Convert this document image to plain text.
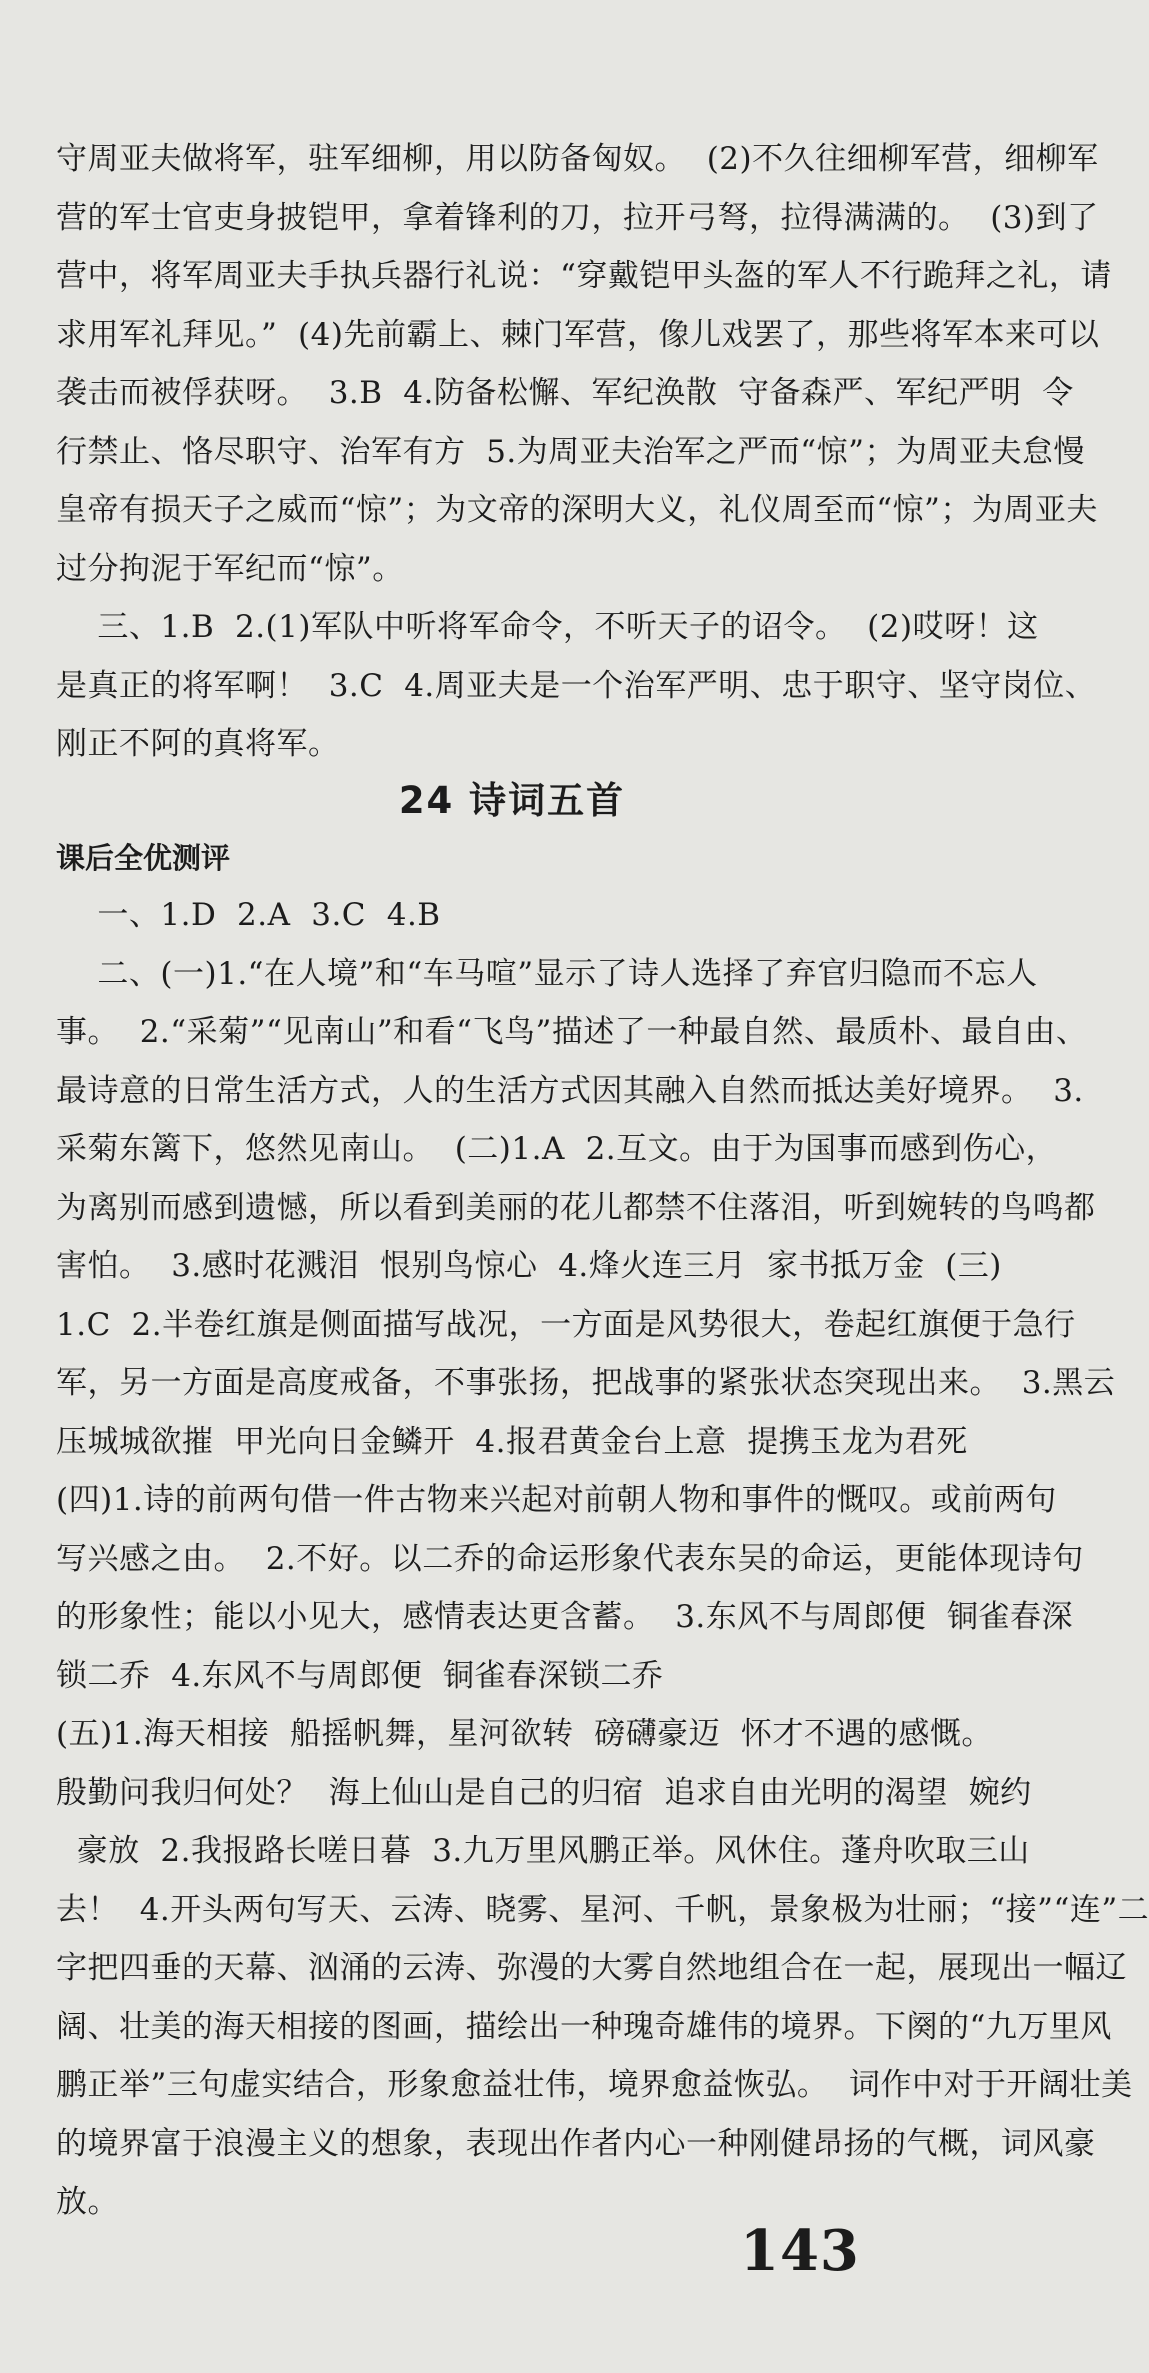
守周亚夫做将军，驻军细柳，用以防备匈奴。  (2)不久往细柳军营，细柳军
营的军士官吏身披铠甲，拿着锋利的刀，拉开弓弩，拉得满满的。  (3)到了
营中，将军周亚夫手执兵器行礼说：“穿戴铠甲头盔的军人不行跪拜之礼，请
求用军礼拜见。”  (4)先前霸上、棘门军营，像儿戏罢了，那些将军本来可以
袭击而被俘获呀。  3.B  4.防备松懈、军纪涣散  守备森严、军纪严明  令
行禁止、恪尽职守、治军有方  5.为周亚夫治军之严而“惊”；为周亚夫怠慢
皇帝有损天子之威而“惊”；为文帝的深明大义，礼仪周至而“惊”；为周亚夫
过分拘泥于军纪而“惊”。
三、1.B  2.(1)军队中听将军命令，不听天子的诏令。  (2)哎呀！这
是真正的将军啊！  3.C  4.周亚夫是一个治军严明、忠于职守、坚守岗位、
刚正不阿的真将军。
24 诗词五首
课后全优测评
一、1.D  2.A  3.C  4.B
二、(一)1.“在人境”和“车马喧”显示了诗人选择了弃官归隐而不忘人
事。  2.“采菊”“见南山”和看“飞鸟”描述了一种最自然、最质朴、最自由、
最诗意的日常生活方式，人的生活方式因其融入自然而抵达美好境界。  3.
采菊东篱下，悠然见南山。  (二)1.A  2.互文。由于为国事而感到伤心，
为离别而感到遗憾，所以看到美丽的花儿都禁不住落泪，听到婉转的鸟鸣都
害怕。  3.感时花溅泪  恨别鸟惊心  4.烽火连三月  家书抵万金  (三)
1.C  2.半卷红旗是侧面描写战况，一方面是风势很大，卷起红旗便于急行
军，另一方面是高度戒备，不事张扬，把战事的紧张状态突现出来。  3.黑云
压城城欲摧  甲光向日金鳞开  4.报君黄金台上意  提携玉龙为君死
(四)1.诗的前两句借一件古物来兴起对前朝人物和事件的慨叹。或前两句
写兴感之由。  2.不好。以二乔的命运形象代表东吴的命运，更能体现诗句
的形象性；能以小见大，感情表达更含蓄。  3.东风不与周郎便  铜雀春深
锁二乔  4.东风不与周郎便  铜雀春深锁二乔
(五)1.海天相接  船摇帆舞，星河欲转  磅礴豪迈  怀才不遇的感慨。
殷勤问我归何处？  海上仙山是自己的归宿  追求自由光明的渴望  婉约
豪放  2.我报路长嗟日暮  3.九万里风鹏正举。风休住。蓬舟吹取三山
去！  4.开头两句写天、云涛、晓雾、星河、千帆，景象极为壮丽；“接”“连”二
字把四垂的天幕、汹涌的云涛、弥漫的大雾自然地组合在一起，展现出一幅辽
阔、壮美的海天相接的图画，描绘出一种瑰奇雄伟的境界。下阕的“九万里风
鹏正举”三句虚实结合，形象愈益壮伟，境界愈益恢弘。  词作中对于开阔壮美
的境界富于浪漫主义的想象，表现出作者内心一种刚健昂扬的气概，词风豪
放。
143
